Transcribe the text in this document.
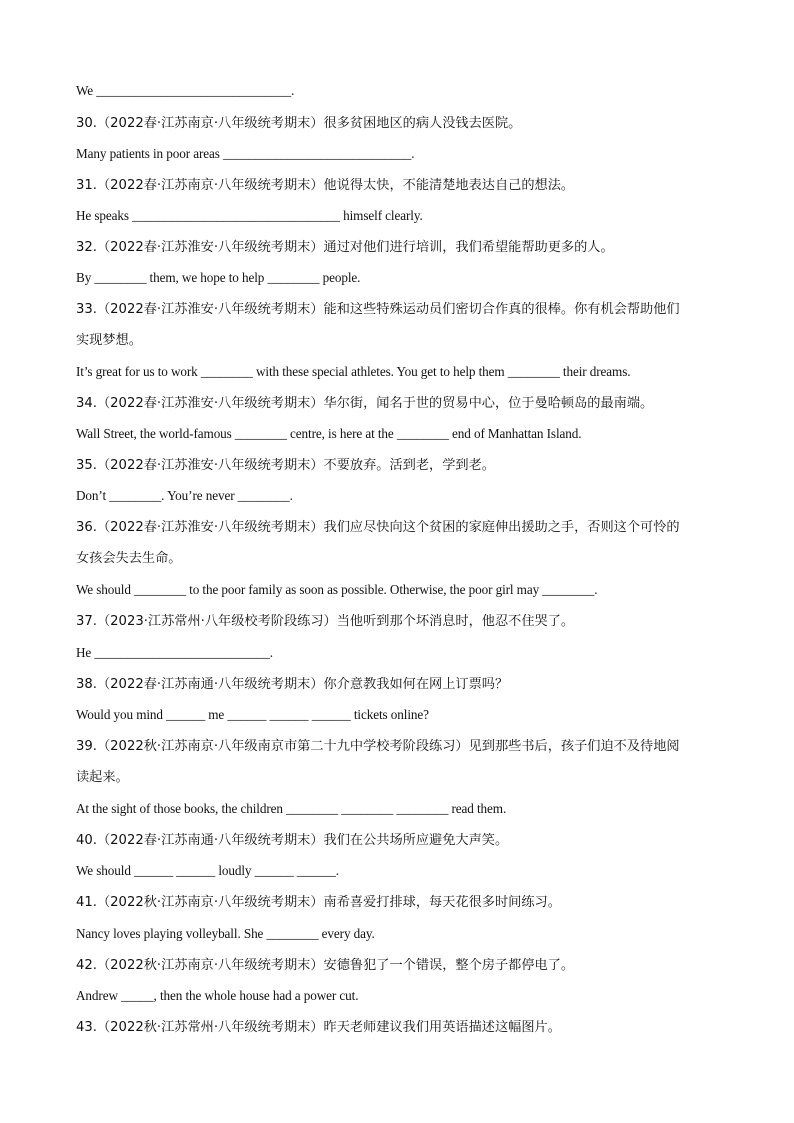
We ______________________________.
30.（2022春·江苏南京·八年级统考期末）很多贫困地区的病人没钱去医院。
Many patients in poor areas _____________________________.
31.（2022春·江苏南京·八年级统考期末）他说得太快，不能清楚地表达自己的想法。
He speaks ________________________________ himself clearly.
32.（2022春·江苏淮安·八年级统考期末）通过对他们进行培训，我们希望能帮助更多的人。
By ________ them, we hope to help ________ people.
33.（2022春·江苏淮安·八年级统考期末）能和这些特殊运动员们密切合作真的很棒。你有机会帮助他们
实现梦想。
It’s great for us to work ________ with these special athletes. You get to help them ________ their dreams.
34.（2022春·江苏淮安·八年级统考期末）华尔街，闻名于世的贸易中心，位于曼哈顿岛的最南端。
Wall Street, the world-famous ________ centre, is here at the ________ end of Manhattan Island.
35.（2022春·江苏淮安·八年级统考期末）不要放弃。活到老，学到老。
Don’t ________. You’re never ________.
36.（2022春·江苏淮安·八年级统考期末）我们应尽快向这个贫困的家庭伸出援助之手，否则这个可怜的
女孩会失去生命。
We should ________ to the poor family as soon as possible. Otherwise, the poor girl may ________.
37.（2023·江苏常州·八年级校考阶段练习）当他听到那个坏消息时，他忍不住哭了。
He ___________________________.
38.（2022春·江苏南通·八年级统考期末）你介意教我如何在网上订票吗？
Would you mind ______ me ______ ______ ______ tickets online?
39.（2022秋·江苏南京·八年级南京市第二十九中学校考阶段练习）见到那些书后，孩子们迫不及待地阅
读起来。
At the sight of those books, the children ________ ________ ________ read them.
40.（2022春·江苏南通·八年级统考期末）我们在公共场所应避免大声笑。
We should ______ ______ loudly ______ ______.
41.（2022秋·江苏南京·八年级统考期末）南希喜爱打排球，每天花很多时间练习。
Nancy loves playing volleyball. She ________ every day.
42.（2022秋·江苏南京·八年级统考期末）安德鲁犯了一个错误，整个房子都停电了。
Andrew _____, then the whole house had a power cut.
43.（2022秋·江苏常州·八年级统考期末）昨天老师建议我们用英语描述这幅图片。
